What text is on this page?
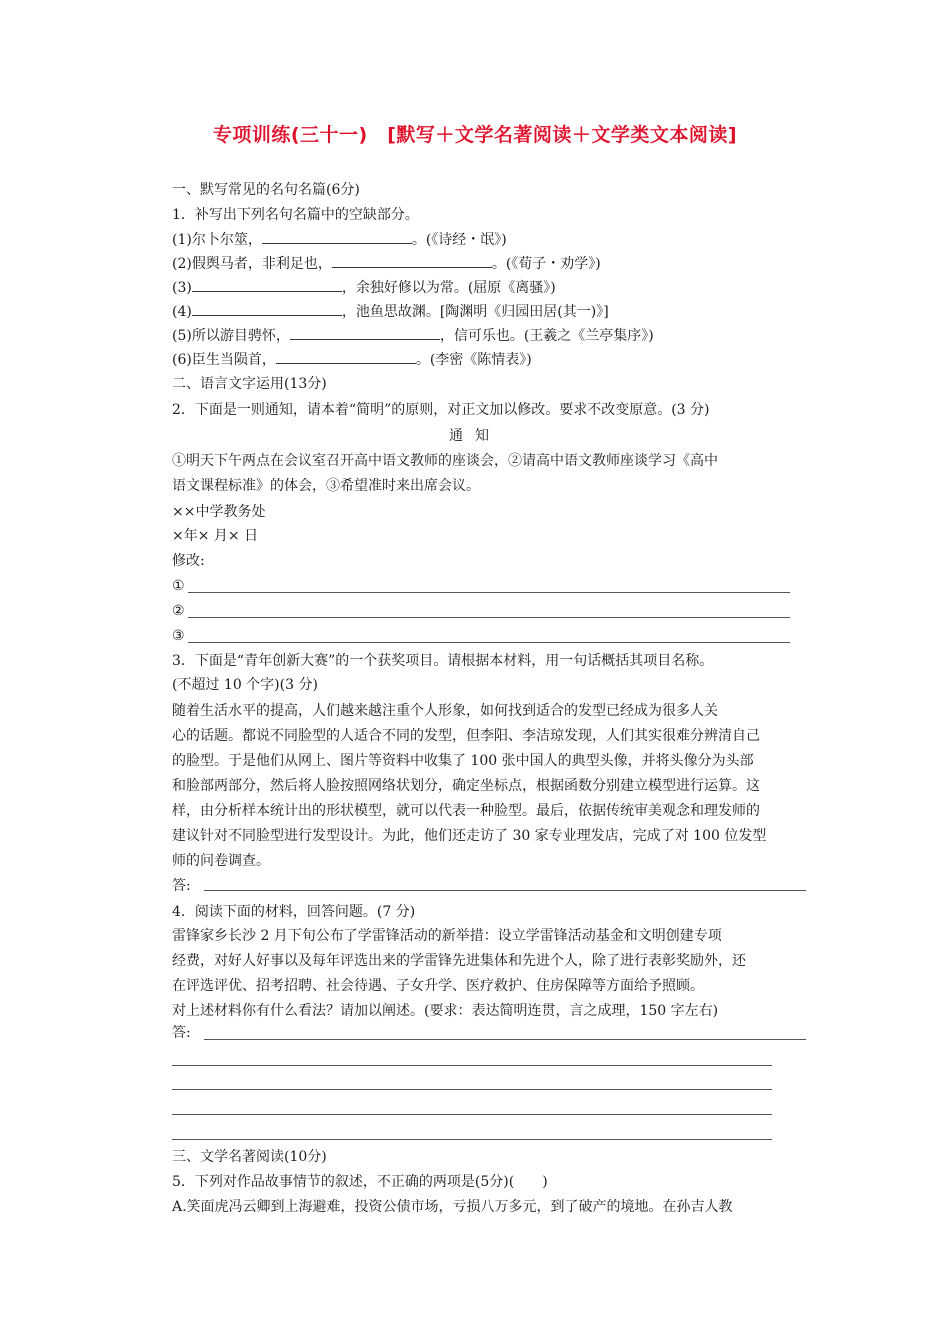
专项训练(三十一)　[默写＋文学名著阅读＋文学类文本阅读]
一、默写常见的名句名篇(6分)
1．补写出下列名句名篇中的空缺部分。
(1)尔卜尔筮，	。(《诗经・氓》)
(2)假舆马者，非利足也，	。(《荀子・劝学》)
(3)	，余独好修以为常。(屈原《离骚》)
(4)	，池鱼思故渊。[陶渊明《归园田居(其一)》]
(5)所以游目骋怀，	，信可乐也。(王羲之《兰亭集序》)
(6)臣生当陨首，	。(李密《陈情表》)
二、语言文字运用(13分)
2．下面是一则通知，请本着“简明”的原则，对正文加以修改。要求不改变原意。(3 分)
通知
①明天下午两点在会议室召开高中语文教师的座谈会，②请高中语文教师座谈学习《高中
语文课程标准》的体会，③希望准时来出席会议。
××中学教务处
×年× 月× 日
修改:
①
②
③
3．下面是“青年创新大赛”的一个获奖项目。请根据本材料，用一句话概括其项目名称。
(不超过 10 个字)(3 分)
随着生活水平的提高，人们越来越注重个人形象，如何找到适合的发型已经成为很多人关
心的话题。都说不同脸型的人适合不同的发型，但李阳、李洁琼发现，人们其实很难分辨清自己
的脸型。于是他们从网上、图片等资料中收集了 100 张中国人的典型头像，并将头像分为头部
和脸部两部分，然后将人脸按照网络状划分，确定坐标点，根据函数分别建立模型进行运算。这
样，由分析样本统计出的形状模型，就可以代表一种脸型。最后，依据传统审美观念和理发师的
建议针对不同脸型进行发型设计。为此，他们还走访了 30 家专业理发店，完成了对 100 位发型
师的问卷调查。
答:
4．阅读下面的材料，回答问题。(7 分)
雷锋家乡长沙 2 月下旬公布了学雷锋活动的新举措：设立学雷锋活动基金和文明创建专项
经费，对好人好事以及每年评选出来的学雷锋先进集体和先进个人，除了进行表彰奖励外，还
在评选评优、招考招聘、社会待遇、子女升学、医疗救护、住房保障等方面给予照顾。
对上述材料你有什么看法？请加以阐述。(要求：表达简明连贯，言之成理，150 字左右)
答:
三、文学名著阅读(10分)
5．下列对作品故事情节的叙述，不正确的两项是(5分)(　　)
A.笑面虎冯云卿到上海避难，投资公债市场，亏损八万多元，到了破产的境地。在孙吉人教
